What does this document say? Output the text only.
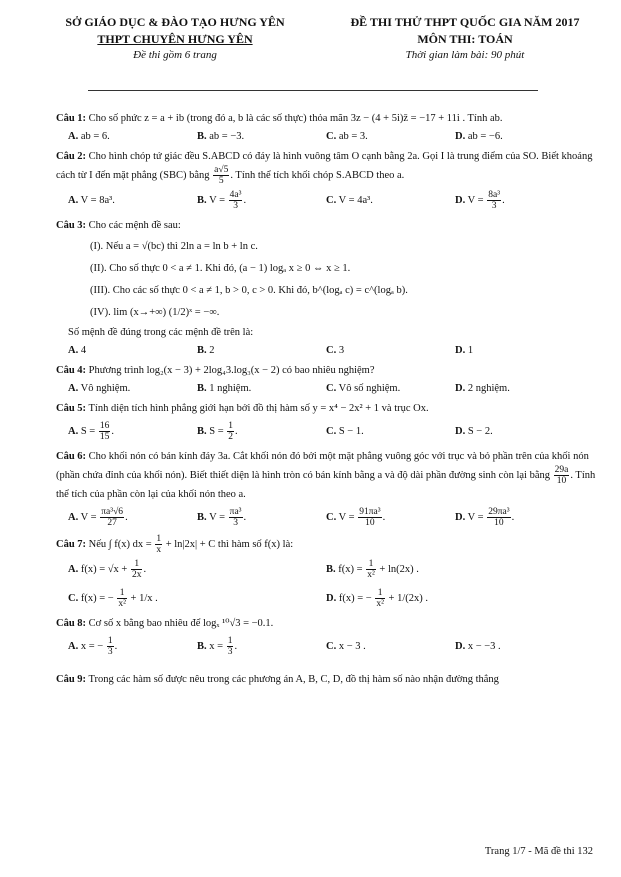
SỞ GIÁO DỤC & ĐÀO TẠO HƯNG YÊN
THPT CHUYÊN HƯNG YÊN
Đề thi gồm 6 trang
ĐỀ THI THỬ THPT QUỐC GIA NĂM 2017
MÔN THI: TOÁN
Thời gian làm bài: 90 phút
Câu 1: Cho số phức z = a + ib (trong đó a, b là các số thực) thỏa mãn 3z − (4 + 5i)z̄ = −17 + 11i . Tính ab.
A. ab = 6.	B. ab = −3.	C. ab = 3.	D. ab = −6.
Câu 2: Cho hình chóp tứ giác đều S.ABCD có đáy là hình vuông tâm O cạnh bằng 2a. Gọi I là trung điểm của SO. Biết khoảng cách từ I đến mặt phẳng (SBC) bằng $\frac{a√5}{5}$ . Tính thể tích khối chóp S.ABCD theo a.
A. V = 8a³.	B. $V = \frac{\text{4a³}}{3}$ .	C. V = 4a³.	D. $V = \frac{\text{8a³}}{3}$ .
Câu 3: Cho các mệnh đề sau:
(I). Nếu a = √(bc) thì 2ln a = ln b + ln c.
(II). Cho số thực 0 < a ≠ 1. Khi đó, (a − 1) logₐ x ≥ 0 ⇔ x ≥ 1.
(III). Cho các số thực 0 < a ≠ 1, b > 0, c > 0. Khi đó, b^(logₐ c) = c^(logₐ b).
(IV). lim (x→+∞) (1/2)ˣ = −∞.
Số mệnh đề đúng trong các mệnh đề trên là:
A. 4	B. 2	C. 3	D. 1
Câu 4: Phương trình log₂(x − 3) + 2log₄3.log₃(x − 2) có bao nhiêu nghiệm?
A. Vô nghiệm.	B. 1 nghiệm.	C. Vô số nghiệm.	D. 2 nghiệm.
Câu 5: Tính diện tích hình phẳng giới hạn bởi đồ thị hàm số y = x⁴ − 2x² + 1 và trục Ox.
A. $S = \frac{16}{15}$ .	B. $S = \frac{1}{2}$ .	C. S − 1.	D. S − 2.
Câu 6: Cho khối nón có bán kính đáy 3a. Cắt khối nón đó bởi một mặt phẳng vuông góc với trục và bỏ phần trên của khối nón (phần chứa đỉnh của khối nón). Biết thiết diện là hình tròn có bán kính bằng a và độ dài phần đường sinh còn lại bằng $\frac{29a}{10}$ . Tính thể tích của phần còn lại của khối nón theo a.
A. $V = \frac{\text{πa³√6}}{27}$ .	B. $V = \frac{\text{πa³}}{3}$ .	C. $V = \frac{\text{91πa³}}{10}$ .	D. $V = \frac{\text{29πa³}}{10}$ .
Câu 7: Nếu ∫ f(x) dx = $\frac{1}{x} + \ln|2x| + C$ thì hàm số f(x) là:
A. $f(x) = √x + \frac{1}{2x}$ .	B. $f(x) = \frac{1}{\text{x²}} + \ln(2x)$ .
C. f(x) = − $\frac{1}{\text{x²}} + 1/x$ .	D. f(x) = − $\frac{1}{\text{x²}} + 1/(2x)$ .
Câu 8: Cơ số x bằng bao nhiêu để logₓ ¹⁰√3 = −0.1.
A. x = − $\frac{1}{3}$ .	B. $x = \frac{1}{3}$ .	C. x − 3 .	D. x − −3 .
Câu 9: Trong các hàm số được nêu trong các phương án A, B, C, D, đồ thị hàm số nào nhận đường thẳng
Trang 1/7 - Mã đề thi 132
